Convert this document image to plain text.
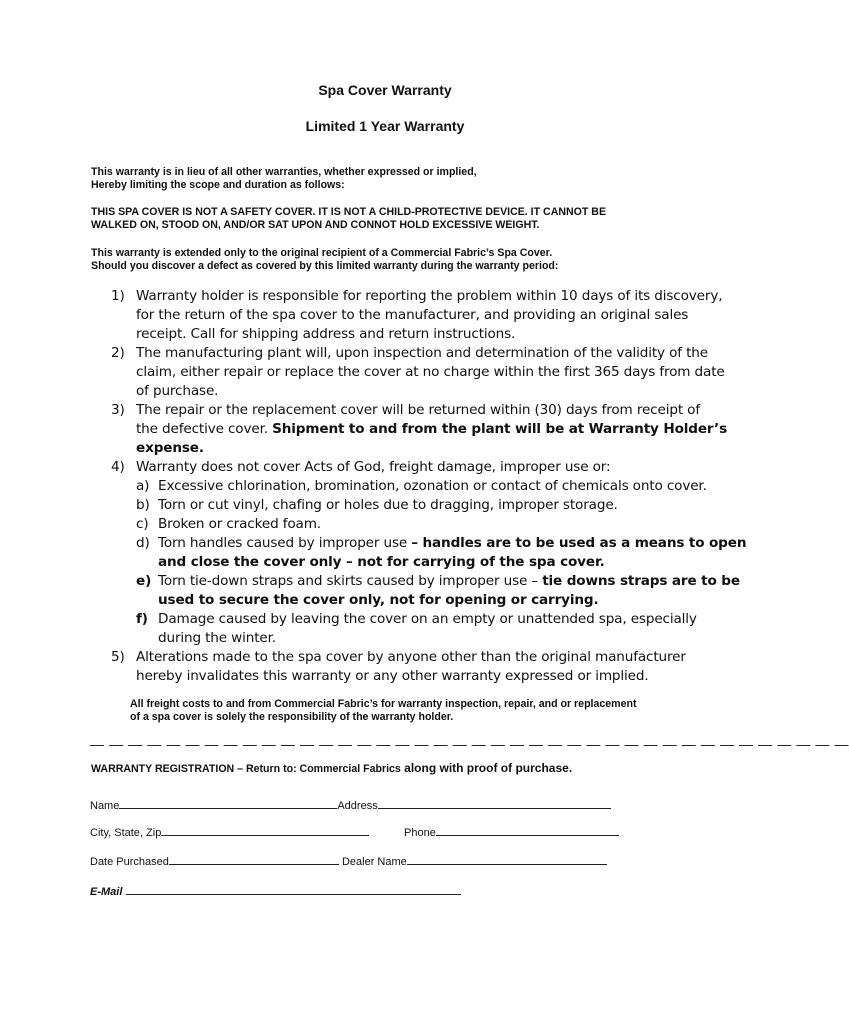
Spa Cover Warranty
Limited 1 Year Warranty
This warranty is in lieu of all other warranties, whether expressed or implied,
Hereby limiting the scope and duration as follows:
THIS SPA COVER IS NOT A SAFETY COVER. IT IS NOT A CHILD-PROTECTIVE DEVICE. IT CANNOT BE
WALKED ON, STOOD ON, AND/OR SAT UPON AND CONNOT HOLD EXCESSIVE WEIGHT.
This warranty is extended only to the original recipient of a Commercial Fabric’s Spa Cover.
Should you discover a defect as covered by this limited warranty during the warranty period:
1) Warranty holder is responsible for reporting the problem within 10 days of its discovery,
for the return of the spa cover to the manufacturer, and providing an original sales
receipt. Call for shipping address and return instructions.
2) The manufacturing plant will, upon inspection and determination of the validity of the
claim, either repair or replace the cover at no charge within the first 365 days from date
of purchase.
3) The repair or the replacement cover will be returned within (30) days from receipt of
the defective cover. Shipment to and from the plant will be at Warranty Holder’s
expense.
4) Warranty does not cover Acts of God, freight damage, improper use or:
a) Excessive chlorination, bromination, ozonation or contact of chemicals onto cover.
b) Torn or cut vinyl, chafing or holes due to dragging, improper storage.
c) Broken or cracked foam.
d) Torn handles caused by improper use – handles are to be used as a means to open
and close the cover only – not for carrying of the spa cover.
e) Torn tie-down straps and skirts caused by improper use – tie downs straps are to be
used to secure the cover only, not for opening or carrying.
f) Damage caused by leaving the cover on an empty or unattended spa, especially
during the winter.
5) Alterations made to the spa cover by anyone other than the original manufacturer
hereby invalidates this warranty or any other warranty expressed or implied.
All freight costs to and from Commercial Fabric’s for warranty inspection, repair, and or replacement
of a spa cover is solely the responsibility of the warranty holder.
— — — — — — — — — — — — — — — — — — — — — — — — — — — — — — — — — — — — — — — —
WARRANTY REGISTRATION – Return to: Commercial Fabrics along with proof of purchase.
Name	Address
City, State, Zip	Phone
Date Purchased	Dealer Name
E-Mail
